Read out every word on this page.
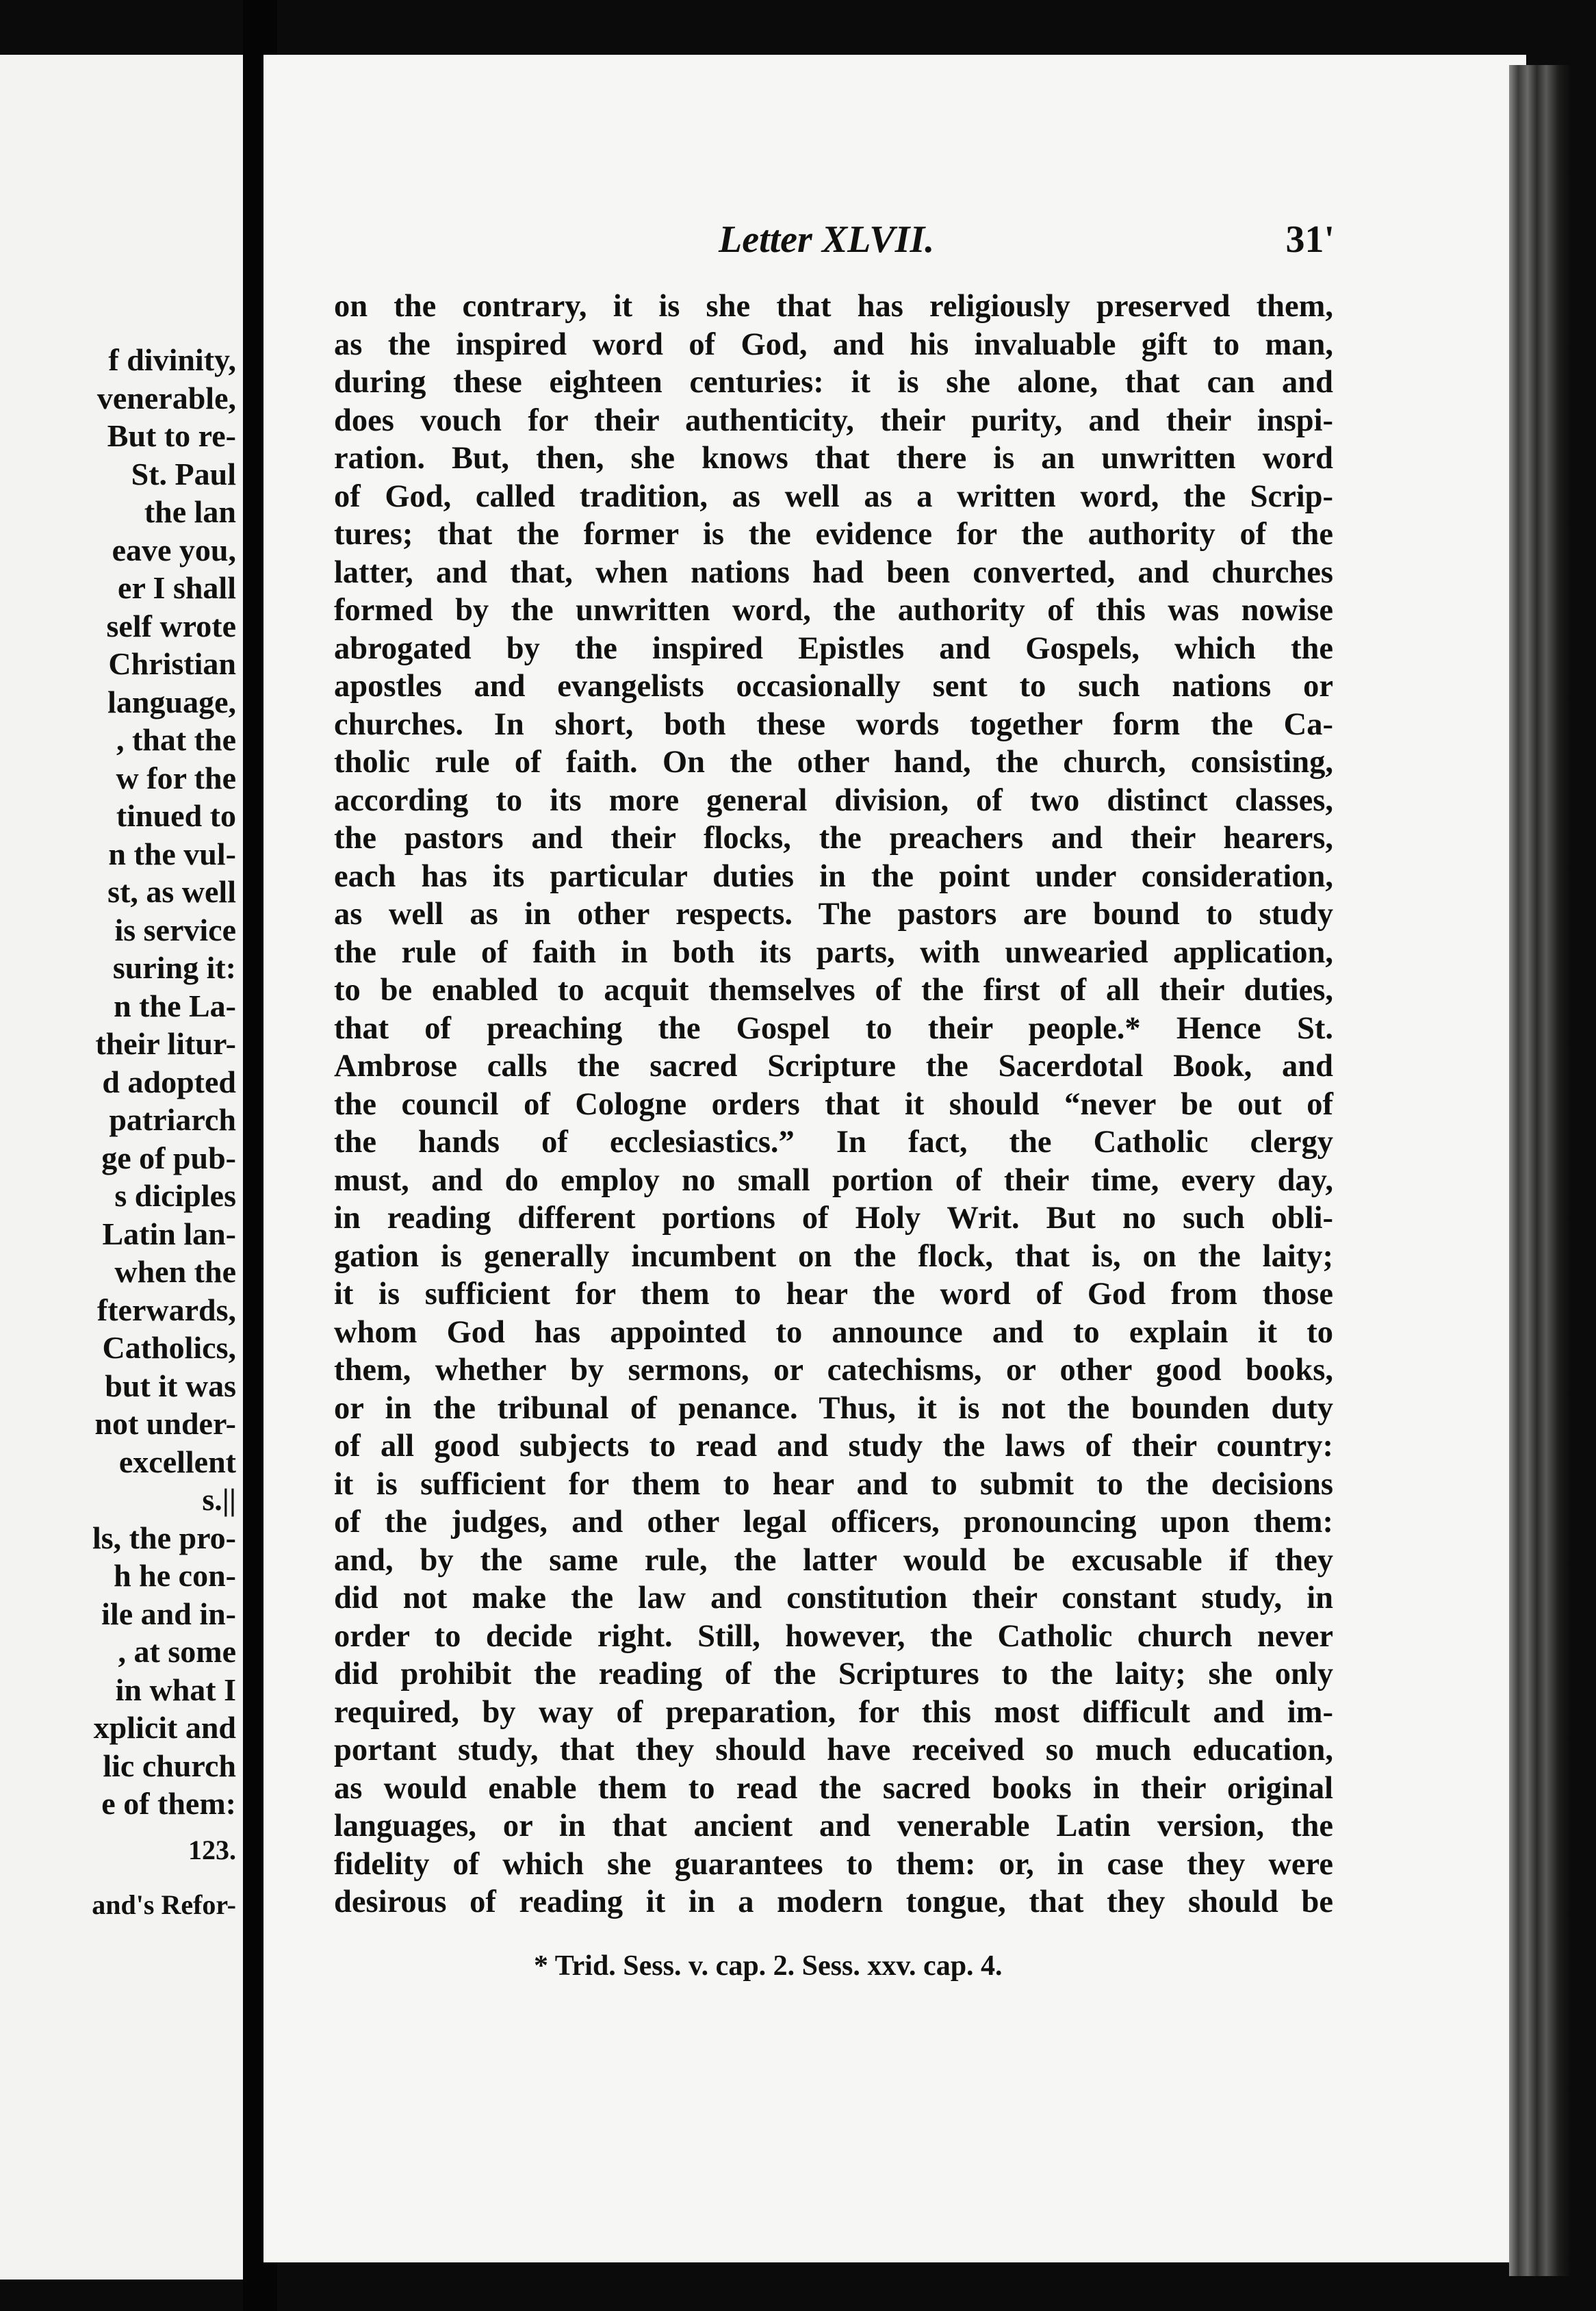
f divinity,
venerable,
But to re-
St. Paul
the lan
eave you,
er I shall
self wrote
Christian
language,
, that the
w for the
tinued to
n the vul-
st, as well
is service
suring it:
n the La-
their litur-
d adopted
patriarch
ge of pub-
s diciples
Latin lan-
when the
fterwards,
Catholics,
but it was
not under-
excellent
s.||
ls, the pro-
h he con-
ile and in-
, at some
in what I
xplicit and
lic church
e of them:
123.
and's Refor-
Letter XLVII.	31'
on the contrary, it is she that has religiously preserved them,
as the inspired word of God, and his invaluable gift to man,
during these eighteen centuries: it is she alone, that can and
does vouch for their authenticity, their purity, and their inspi-
ration. But, then, she knows that there is an unwritten word
of God, called tradition, as well as a written word, the Scrip-
tures; that the former is the evidence for the authority of the
latter, and that, when nations had been converted, and churches
formed by the unwritten word, the authority of this was nowise
abrogated by the inspired Epistles and Gospels, which the
apostles and evangelists occasionally sent to such nations or
churches. In short, both these words together form the Ca-
tholic rule of faith. On the other hand, the church, consisting,
according to its more general division, of two distinct classes,
the pastors and their flocks, the preachers and their hearers,
each has its particular duties in the point under consideration,
as well as in other respects. The pastors are bound to study
the rule of faith in both its parts, with unwearied application,
to be enabled to acquit themselves of the first of all their duties,
that of preaching the Gospel to their people.* Hence St.
Ambrose calls the sacred Scripture the Sacerdotal Book, and
the council of Cologne orders that it should “never be out of
the hands of ecclesiastics.” In fact, the Catholic clergy
must, and do employ no small portion of their time, every day,
in reading different portions of Holy Writ. But no such obli-
gation is generally incumbent on the flock, that is, on the laity;
it is sufficient for them to hear the word of God from those
whom God has appointed to announce and to explain it to
them, whether by sermons, or catechisms, or other good books,
or in the tribunal of penance. Thus, it is not the bounden duty
of all good subjects to read and study the laws of their country:
it is sufficient for them to hear and to submit to the decisions
of the judges, and other legal officers, pronouncing upon them:
and, by the same rule, the latter would be excusable if they
did not make the law and constitution their constant study, in
order to decide right. Still, however, the Catholic church never
did prohibit the reading of the Scriptures to the laity; she only
required, by way of preparation, for this most difficult and im-
portant study, that they should have received so much education,
as would enable them to read the sacred books in their original
languages, or in that ancient and venerable Latin version, the
fidelity of which she guarantees to them: or, in case they were
desirous of reading it in a modern tongue, that they should be
* Trid. Sess. v. cap. 2. Sess. xxv. cap. 4.
